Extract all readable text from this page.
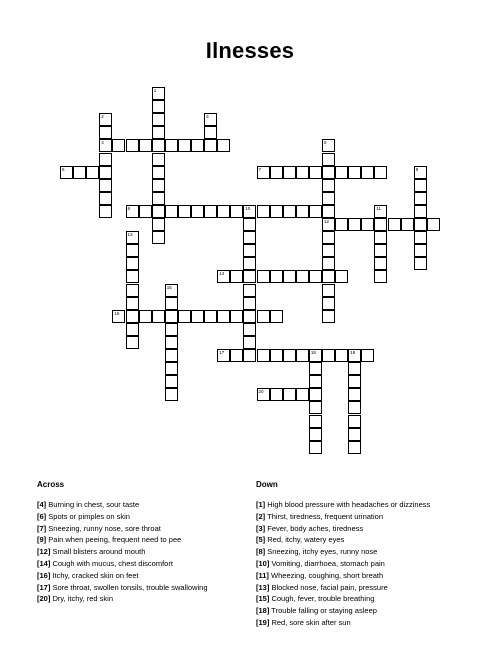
Ilnesses
1
2
4
3
5
12
6	7	8
9	10	11
13
14
15
16
17	18	19
20
Across
[4] Burning in chest, sour taste
[6] Spots or pimples on skin
[7] Sneezing, runny nose, sore throat
[9] Pain when peeing, frequent need to pee
[12] Small blisters around mouth
[14] Cough with mucus, chest discomfort
[16] Itchy, cracked skin on feet
[17] Sore throat, swollen tonsils, trouble swallowing
[20] Dry, itchy, red skin
Down
[1] High blood pressure with headaches or dizziness
[2] Thirst, tiredness, frequent urination
[3] Fever, body aches, tiredness
[5] Red, itchy, watery eyes
[8] Sneezing, itchy eyes, runny nose
[10] Vomiting, diarrhoea, stomach pain
[11] Wheezing, coughing, short breath
[13] Blocked nose, facial pain, pressure
[15] Cough, fever, trouble breathing
[18] Trouble falling or staying asleep
[19] Red, sore skin after sun
